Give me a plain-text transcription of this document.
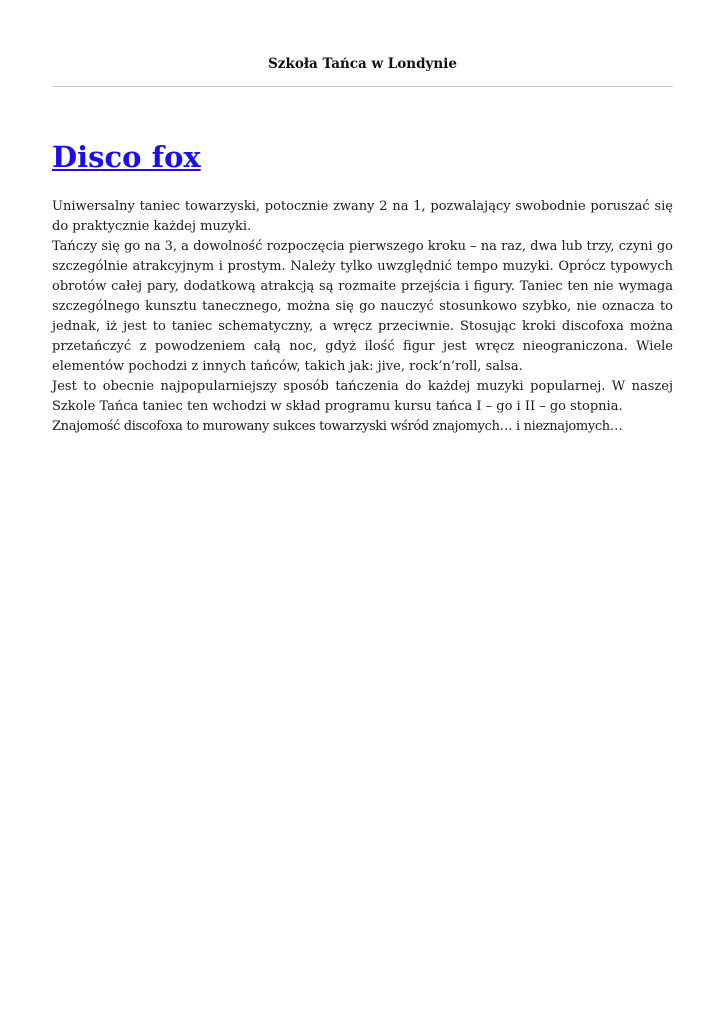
Szkoła Tańca w Londynie
Disco fox

Uniwersalny taniec towarzyski, potocznie zwany 2 na 1, pozwalający swobodnie poruszać się do praktycznie każdej muzyki.

Tańczy się go na 3, a dowolność rozpoczęcia pierwszego kroku – na raz, dwa lub trzy, czyni go szczególnie atrakcyjnym i prostym. Należy tylko uwzględnić tempo muzyki. Oprócz typowych obrotów całej pary, dodatkową atrakcją są rozmaite przejścia i figury. Taniec ten nie wymaga szczególnego kunsztu tanecznego, można się go nauczyć stosunkowo szybko, nie oznacza to jednak, iż jest to taniec schematyczny, a wręcz przeciwnie. Stosując kroki discofoxa można przetańczyć z powodzeniem całą noc, gdyż ilość figur jest wręcz nieograniczona. Wiele elementów pochodzi z innych tańców, takich jak: jive, rock’n’roll, salsa.

Jest to obecnie najpopularniejszy sposób tańczenia do każdej muzyki popularnej. W naszej Szkole Tańca taniec ten wchodzi w skład programu kursu tańca I – go i II – go stopnia.

Znajomość discofoxa to murowany sukces towarzyski wśród znajomych… i nieznajomych…
